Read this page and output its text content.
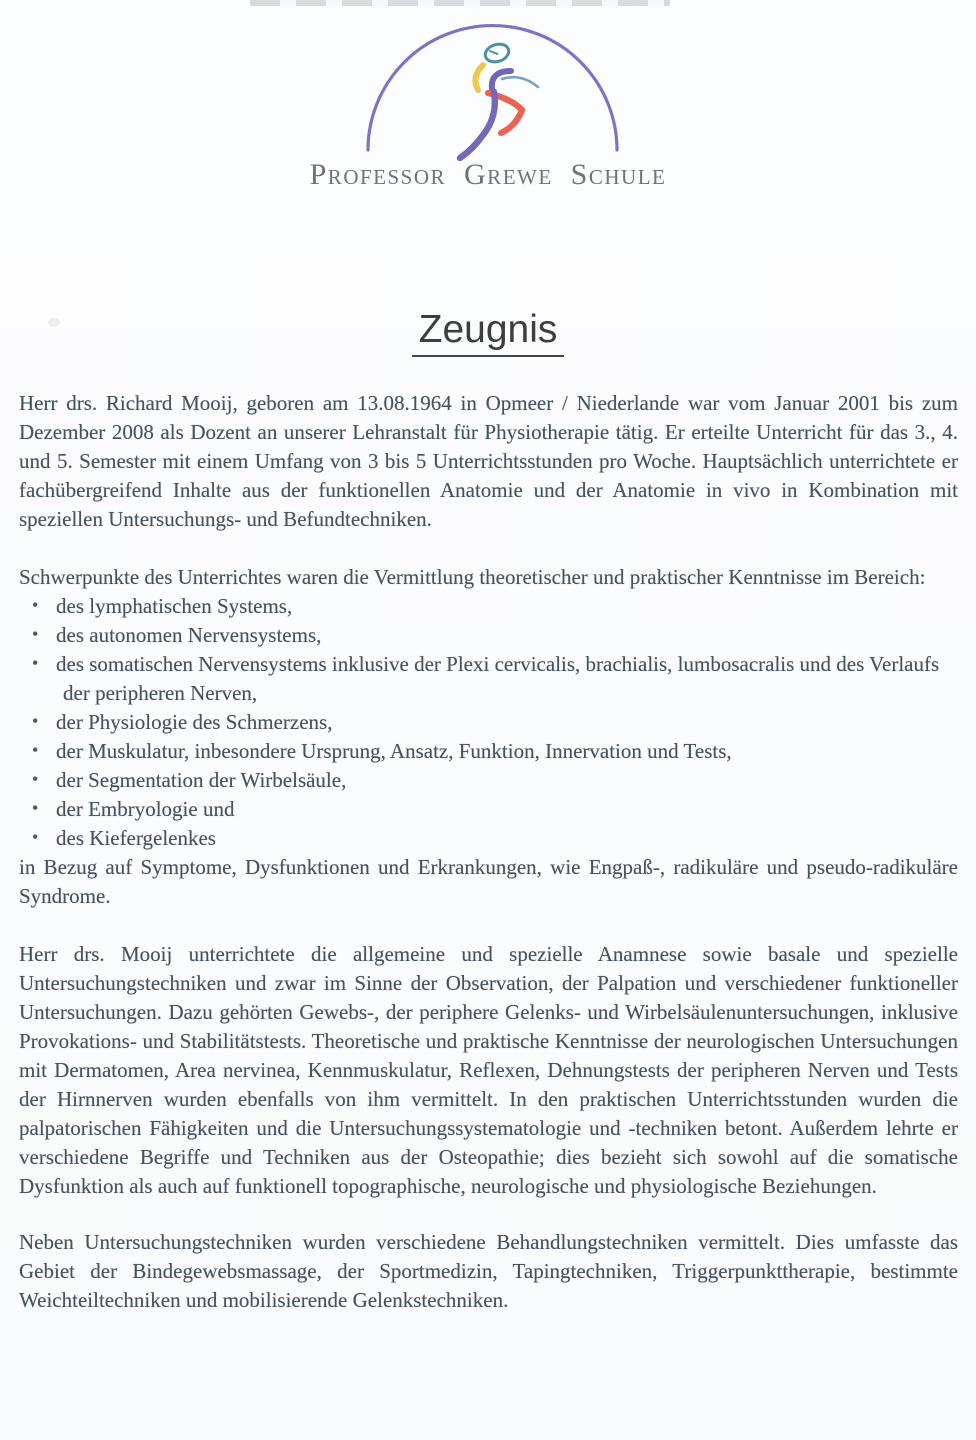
Professor Grewe Schule
Zeugnis

Herr drs. Richard Mooij, geboren am 13.08.1964 in Opmeer / Niederlande war vom Januar 2001 bis zum Dezember 2008 als Dozent an unserer Lehranstalt für Physiotherapie tätig. Er erteilte Unterricht für das 3., 4. und 5. Semester mit einem Umfang von 3 bis 5 Unterrichtsstunden pro Woche. Hauptsächlich unterrichtete er fachübergreifend Inhalte aus der funktionellen Anatomie und der Anatomie in vivo in Kombination mit speziellen Untersuchungs- und Befundtechniken.

Schwerpunkte des Unterrichtes waren die Vermittlung theoretischer und praktischer Kenntnisse im Bereich:

• des lymphatischen Systems,
• des autonomen Nervensystems,
• des somatischen Nervensystems inklusive der Plexi cervicalis, brachialis, lumbosacralis und des Verlaufs der peripheren Nerven,
• der Physiologie des Schmerzens,
• der Muskulatur, inbesondere Ursprung, Ansatz, Funktion, Innervation und Tests,
• der Segmentation der Wirbelsäule,
• der Embryologie und
• des Kiefergelenkes

in Bezug auf Symptome, Dysfunktionen und Erkrankungen, wie Engpaß-, radikuläre und pseudo-radikuläre Syndrome.

Herr drs. Mooij unterrichtete die allgemeine und spezielle Anamnese sowie basale und spezielle Untersuchungstechniken und zwar im Sinne der Observation, der Palpation und verschiedener funktioneller Untersuchungen. Dazu gehörten Gewebs-, der periphere Gelenks- und Wirbelsäulenuntersuchungen, inklusive Provokations- und Stabilitätstests. Theoretische und praktische Kenntnisse der neurologischen Untersuchungen mit Dermatomen, Area nervinea, Kennmuskulatur, Reflexen, Dehnungstests der peripheren Nerven und Tests der Hirnnerven wurden ebenfalls von ihm vermittelt. In den praktischen Unterrichtsstunden wurden die palpatorischen Fähigkeiten und die Untersuchungssystematologie und -techniken betont. Außerdem lehrte er verschiedene Begriffe und Techniken aus der Osteopathie; dies bezieht sich sowohl auf die somatische Dysfunktion als auch auf funktionell topographische, neurologische und physiologische Beziehungen.

Neben Untersuchungstechniken wurden verschiedene Behandlungstechniken vermittelt. Dies umfasste das Gebiet der Bindegewebsmassage, der Sportmedizin, Tapingtechniken, Triggerpunkttherapie, bestimmte Weichteiltechniken und mobilisierende Gelenkstechniken.
